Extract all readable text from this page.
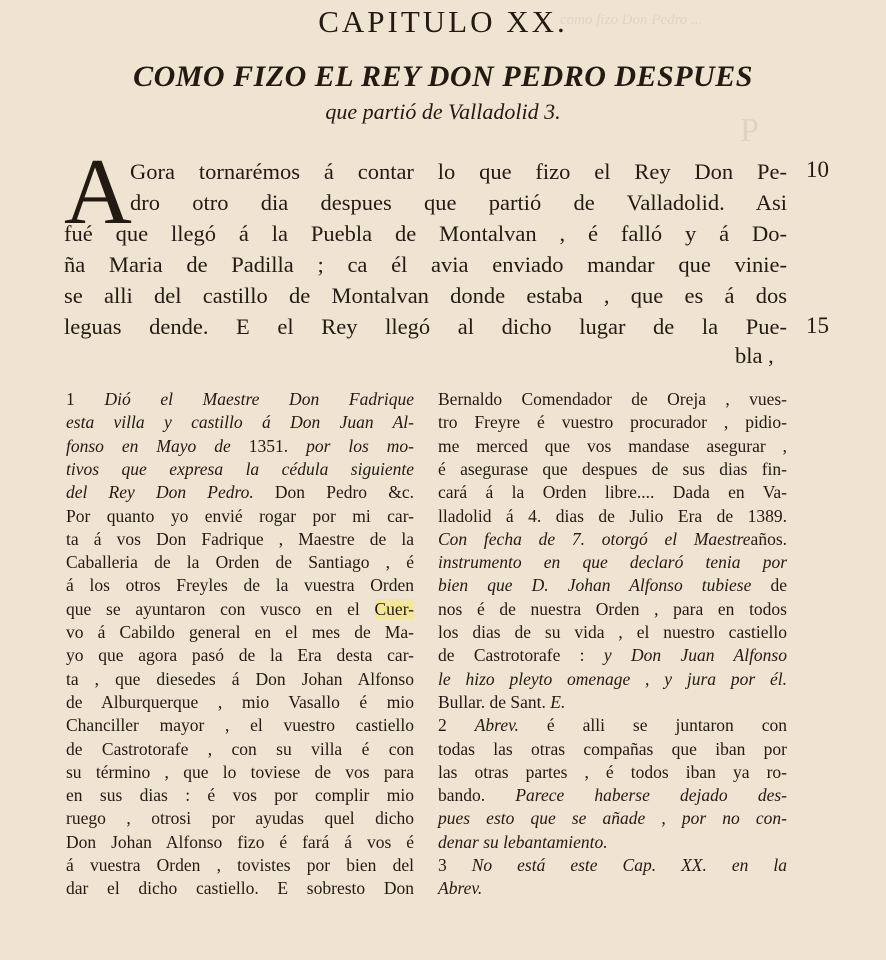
como fizo Don Pedro ...
P
CAPITULO XX.
COMO FIZO EL REY DON PEDRO DESPUES
que partió de Valladolid 3.
A
Gora tornarémos á contar lo que fizo el Rey Don Pe-
dro otro dia despues que partió de Valladolid. Asi
fué que llegó á la Puebla de Montalvan , é falló y á Do-
ña Maria de Padilla ; ca él avia enviado mandar que vinie-
se alli del castillo de Montalvan donde estaba , que es á dos
leguas dende. E el Rey llegó al dicho lugar de la Pue-
bla ,
10
15
1 Dió el Maestre Don Fadrique
esta villa y castillo á Don Juan Al-
fonso en Mayo de 1351. por los mo-
tivos que expresa la cédula siguiente
del Rey Don Pedro. Don Pedro &c.
Por quanto yo envié rogar por mi car-
ta á vos Don Fadrique , Maestre de la
Caballeria de la Orden de Santiago , é
á los otros Freyles de la vuestra Orden
que se ayuntaron con vusco en el Cuer-
vo á Cabildo general en el mes de Ma-
yo que agora pasó de la Era desta car-
ta , que diesedes á Don Johan Alfonso
de Alburquerque , mio Vasallo é mio
Chanciller mayor , el vuestro castiello
de Castrotorafe , con su villa é con
su término , que lo toviese de vos para
en sus dias : é vos por complir mio
ruego , otrosi por ayudas quel dicho
Don Johan Alfonso fizo é fará á vos é
á vuestra Orden , tovistes por bien del
dar el dicho castiello. E sobresto Don
Bernaldo Comendador de Oreja , vues-
tro Freyre é vuestro procurador , pidio-
me merced que vos mandase asegurar ,
é asegurase que despues de sus dias fin-
cará á la Orden libre.... Dada en Va-
lladolid á 4. dias de Julio Era de 1389.
Con fecha de 7. otorgó el Maestreaños.
instrumento en que declaró tenia por
bien que D. Johan Alfonso tubiese de
nos é de nuestra Orden , para en todos
los dias de su vida , el nuestro castiello
de Castrotorafe : y Don Juan Alfonso
le hizo pleyto omenage , y jura por él.
Bullar. de Sant. E.
2 Abrev. é alli se juntaron con
todas las otras compañas que iban por
las otras partes , é todos iban ya ro-
bando. Parece haberse dejado des-
pues esto que se añade , por no con-
denar su lebantamiento.
3 No está este Cap. XX. en la
Abrev.
